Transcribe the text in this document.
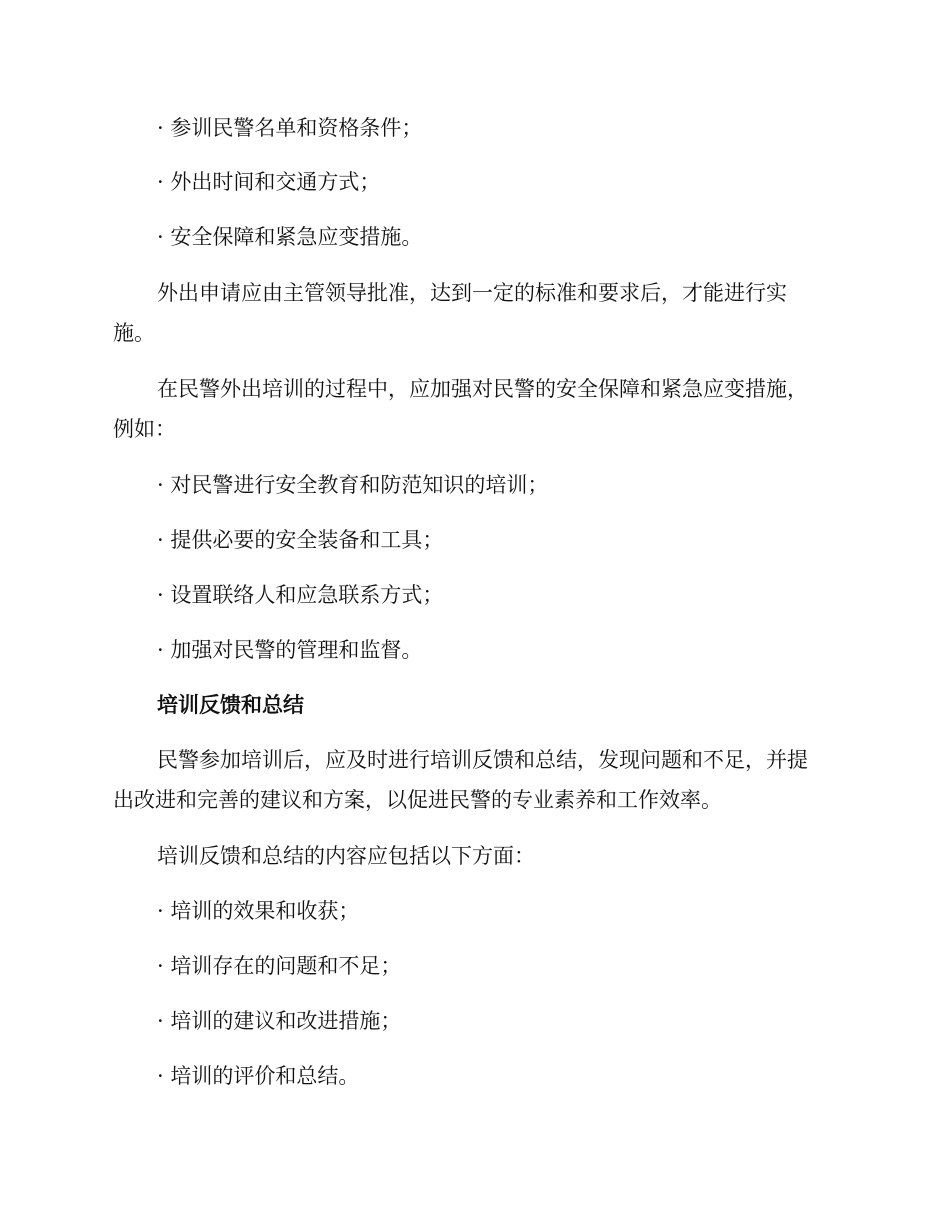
· 参训民警名单和资格条件；
· 外出时间和交通方式；
· 安全保障和紧急应变措施。
外出申请应由主管领导批准，达到一定的标准和要求后，才能进行实
施。
在民警外出培训的过程中，应加强对民警的安全保障和紧急应变措施，
例如：
· 对民警进行安全教育和防范知识的培训；
· 提供必要的安全装备和工具；
· 设置联络人和应急联系方式；
· 加强对民警的管理和监督。
培训反馈和总结
民警参加培训后，应及时进行培训反馈和总结，发现问题和不足，并提
出改进和完善的建议和方案，以促进民警的专业素养和工作效率。
培训反馈和总结的内容应包括以下方面：
· 培训的效果和收获；
· 培训存在的问题和不足；
· 培训的建议和改进措施；
· 培训的评价和总结。
